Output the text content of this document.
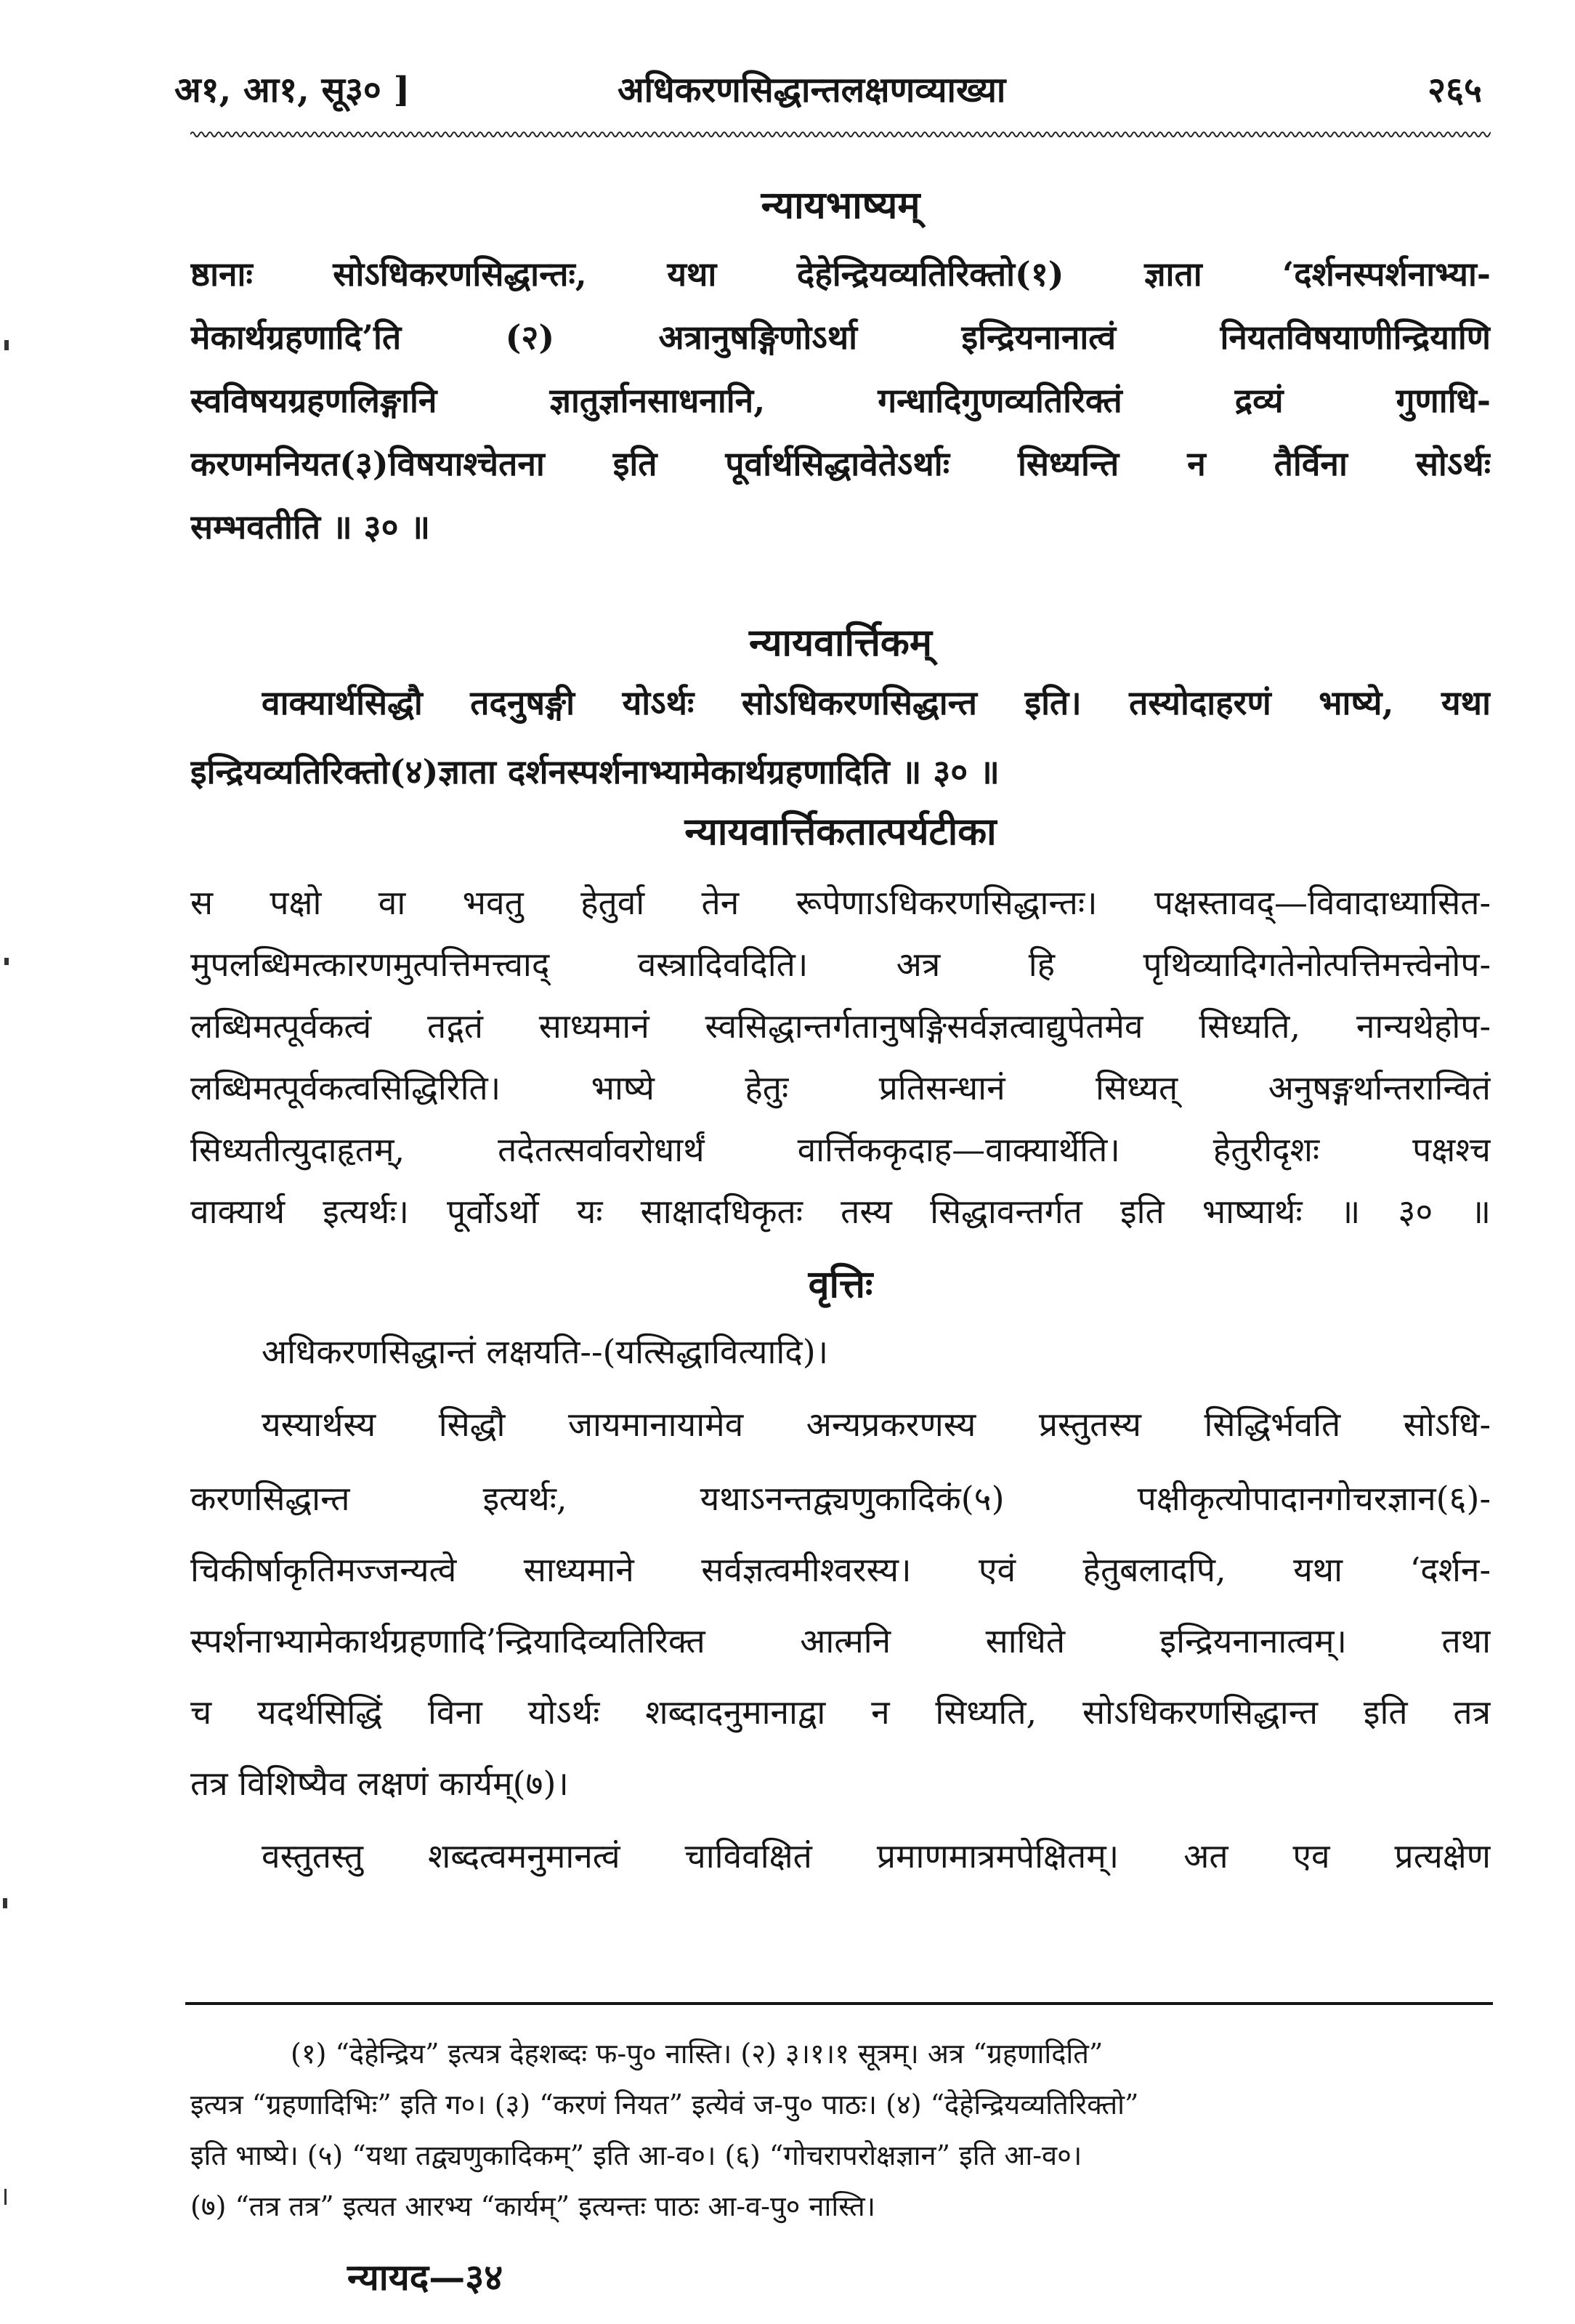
अ१, आ१, सू३० ]	अधिकरणसिद्धान्तलक्षणव्याख्या	२६५
न्यायभाष्यम्
ष्ठानाः सोऽधिकरणसिद्धान्तः, यथा देहेन्द्रियव्यतिरिक्तो(१) ज्ञाता ‘दर्शनस्पर्शनाभ्या-
मेकार्थग्रहणादि’ति (२) अत्रानुषङ्गिणोऽर्था इन्द्रियनानात्वं नियतविषयाणीन्द्रियाणि
स्वविषयग्रहणलिङ्गानि ज्ञातुर्ज्ञानसाधनानि, गन्धादिगुणव्यतिरिक्तं द्रव्यं गुणाधि-
करणमनियत(३)विषयाश्चेतना इति पूर्वार्थसिद्धावेतेऽर्थाः सिध्यन्ति न तैर्विना सोऽर्थः
सम्भवतीति ॥ ३० ॥
न्यायवार्त्तिकम्
वाक्यार्थसिद्धौ तदनुषङ्गी योऽर्थः सोऽधिकरणसिद्धान्त इति। तस्योदाहरणं भाष्ये, यथा
इन्द्रियव्यतिरिक्तो(४)ज्ञाता दर्शनस्पर्शनाभ्यामेकार्थग्रहणादिति ॥ ३० ॥
न्यायवार्त्तिकतात्पर्यटीका
स पक्षो वा भवतु हेतुर्वा तेन रूपेणाऽधिकरणसिद्धान्तः। पक्षस्तावद्—विवादाध्यासित-
मुपलब्धिमत्कारणमुत्पत्तिमत्त्वाद् वस्त्रादिवदिति। अत्र हि पृथिव्यादिगतेनोत्पत्तिमत्त्वेनोप-
लब्धिमत्पूर्वकत्वं तद्गतं साध्यमानं स्वसिद्धान्तर्गतानुषङ्गिसर्वज्ञत्वाद्युपेतमेव सिध्यति, नान्यथेहोप-
लब्धिमत्पूर्वकत्वसिद्धिरिति। भाष्ये हेतुः प्रतिसन्धानं सिध्यत् अनुषङ्गर्थान्तरान्वितं
सिध्यतीत्युदाहृतम्, तदेतत्सर्वावरोधार्थं वार्त्तिककृदाह—वाक्यार्थेति। हेतुरीदृशः पक्षश्च
वाक्यार्थ इत्यर्थः। पूर्वोऽर्थो यः साक्षादधिकृतः तस्य सिद्धावन्तर्गत इति भाष्यार्थः ॥ ३० ॥
वृत्तिः
अधिकरणसिद्धान्तं लक्षयति--(यत्सिद्धावित्यादि)।
यस्यार्थस्य सिद्धौ जायमानायामेव अन्यप्रकरणस्य प्रस्तुतस्य सिद्धिर्भवति सोऽधि-
करणसिद्धान्त इत्यर्थः, यथाऽनन्तद्व्यणुकादिकं(५) पक्षीकृत्योपादानगोचरज्ञान(६)-
चिकीर्षाकृतिमज्जन्यत्वे साध्यमाने सर्वज्ञत्वमीश्वरस्य। एवं हेतुबलादपि, यथा ‘दर्शन-
स्पर्शनाभ्यामेकार्थग्रहणादि’न्द्रियादिव्यतिरिक्त आत्मनि साधिते इन्द्रियनानात्वम्। तथा
च यदर्थसिद्धिं विना योऽर्थः शब्दादनुमानाद्वा न सिध्यति, सोऽधिकरणसिद्धान्त इति तत्र
तत्र विशिष्यैव लक्षणं कार्यम्(७)।
वस्तुतस्तु शब्दत्वमनुमानत्वं चाविवक्षितं प्रमाणमात्रमपेक्षितम्। अत एव प्रत्यक्षेण
(१) “देहेन्द्रिय” इत्यत्र देहशब्दः फ-पु० नास्ति। (२) ३।१।१ सूत्रम्। अत्र “ग्रहणादिति”
इत्यत्र “ग्रहणादिभिः” इति ग०। (३) “करणं नियत” इत्येवं ज-पु० पाठः। (४) “देहेन्द्रियव्यतिरिक्तो”
इति भाष्ये। (५) “यथा तद्व्यणुकादिकम्” इति आ-व०। (६) “गोचरापरोक्षज्ञान” इति आ-व०।
(७) “तत्र तत्र” इत्यत आरभ्य “कार्यम्” इत्यन्तः पाठः आ-व-पु० नास्ति।
न्यायद—३४
